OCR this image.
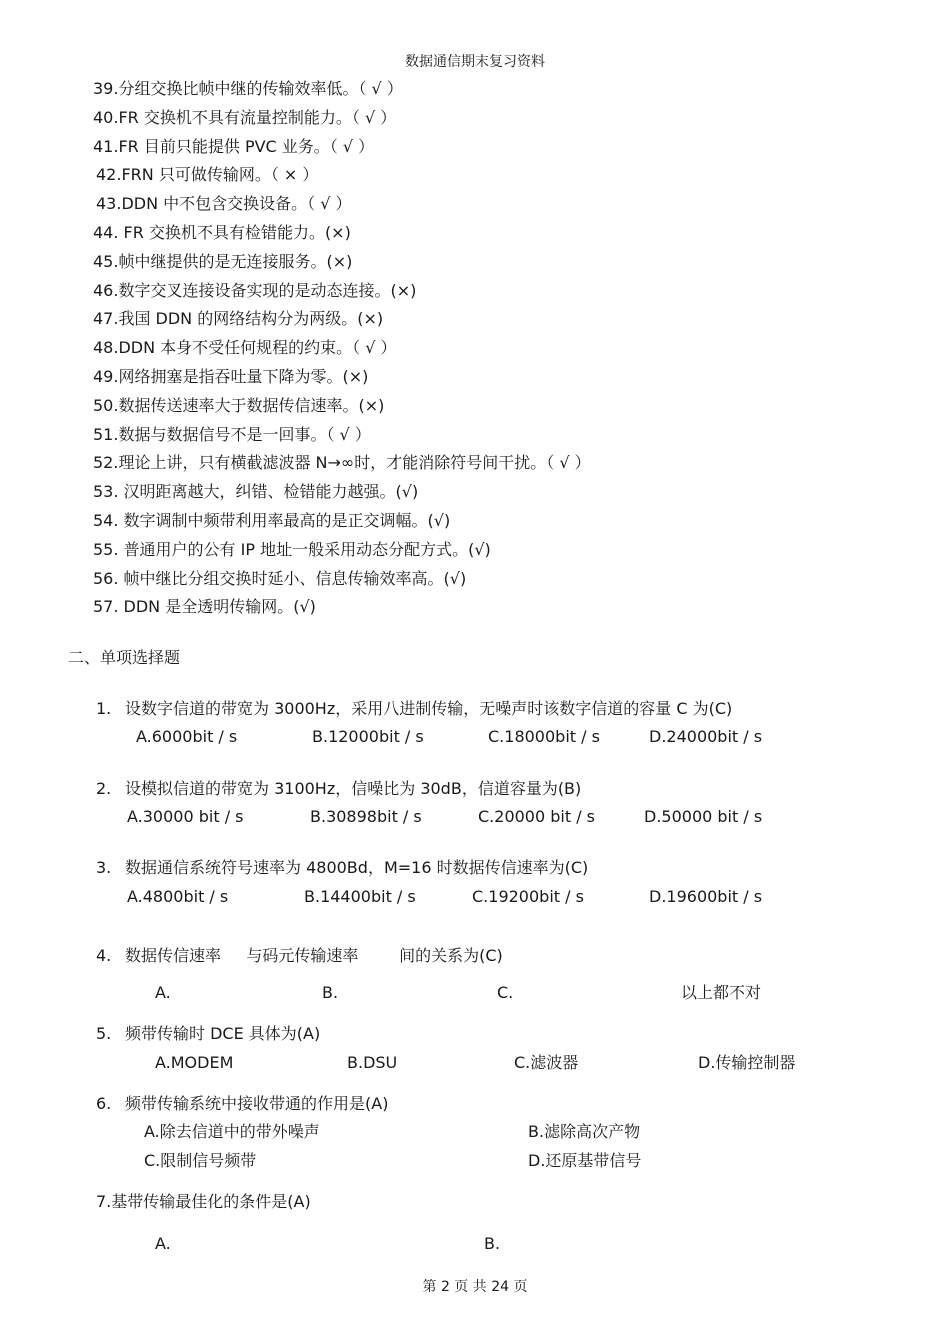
数据通信期末复习资料
39.分组交换比帧中继的传输效率低。（ √ ）
40.FR 交换机不具有流量控制能力。（ √ ）
41.FR 目前只能提供 PVC 业务。（ √ ）
42.FRN 只可做传输网。（ × ）
43.DDN 中不包含交换设备。（ √ ）
44. FR 交换机不具有检错能力。(×)
45.帧中继提供的是无连接服务。(×)
46.数字交叉连接设备实现的是动态连接。(×)
47.我国 DDN 的网络结构分为两级。(×)
48.DDN 本身不受任何规程的约束。（ √ ）
49.网络拥塞是指吞吐量下降为零。(×)
50.数据传送速率大于数据传信速率。(×)
51.数据与数据信号不是一回事。（ √ ）
52.理论上讲，只有横截滤波器 N→∞时，才能消除符号间干扰。（ √ ）
53. 汉明距离越大，纠错、检错能力越强。(√)
54. 数字调制中频带利用率最高的是正交调幅。(√)
55. 普通用户的公有 IP 地址一般采用动态分配方式。(√)
56. 帧中继比分组交换时延小、信息传输效率高。(√)
57. DDN 是全透明传输网。(√)
二、单项选择题
1. 设数字信道的带宽为 3000Hz，采用八进制传输，无噪声时该数字信道的容量 C 为(C)
A.6000bit / s	B.12000bit / s	C.18000bit / s	D.24000bit / s
2. 设模拟信道的带宽为 3100Hz，信噪比为 30dB，信道容量为(B)
A.30000 bit / s	B.30898bit / s	C.20000 bit / s	D.50000 bit / s
3. 数据通信系统符号速率为 4800Bd，M=16 时数据传信速率为(C)
A.4800bit / s	B.14400bit / s	C.19200bit / s	D.19600bit / s
4. 数据传信速率     与码元传输速率        间的关系为(C)
A.	B.	C.	以上都不对
5. 频带传输时 DCE 具体为(A)
A.MODEM	B.DSU	C.滤波器	D.传输控制器
6. 频带传输系统中接收带通的作用是(A)
A.除去信道中的带外噪声	B.滤除高次产物
C.限制信号频带	D.还原基带信号
7.基带传输最佳化的条件是(A)
A.	B.
第 2 页 共 24 页
